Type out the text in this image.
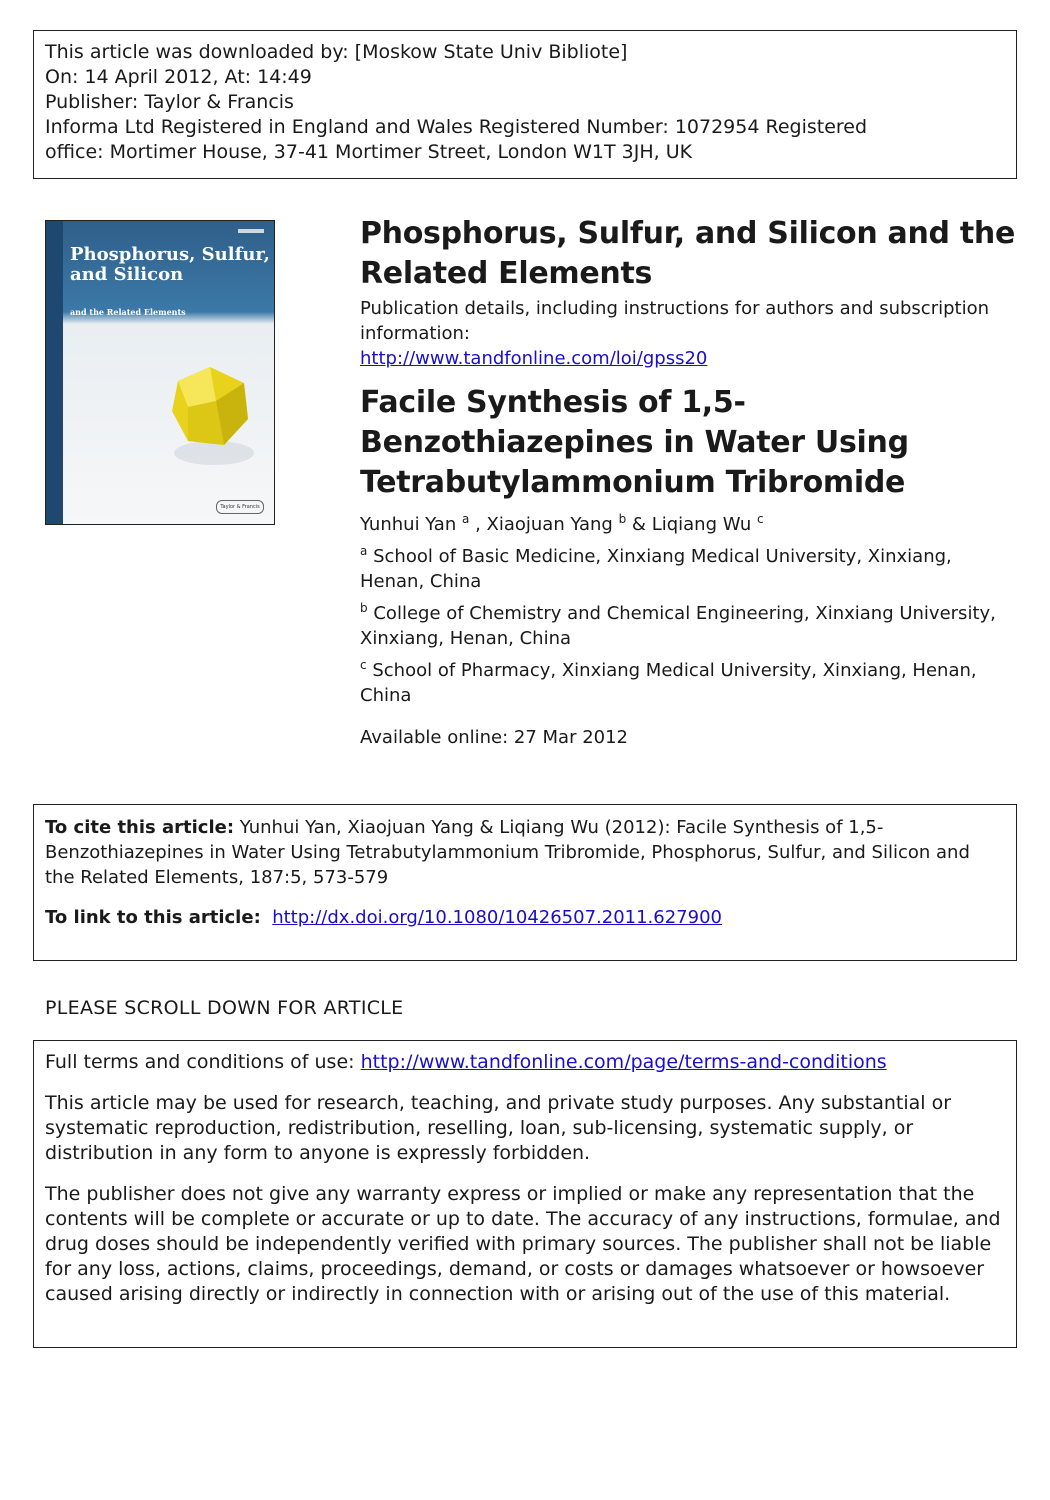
This article was downloaded by: [Moskow State Univ Bibliote]
On: 14 April 2012, At: 14:49
Publisher: Taylor & Francis
Informa Ltd Registered in England and Wales Registered Number: 1072954 Registered
office: Mortimer House, 37-41 Mortimer Street, London W1T 3JH, UK
Phosphorus, Sulfur, and Silicon
and the Related Elements
Taylor & Francis
Phosphorus, Sulfur, and Silicon and the Related Elements
Publication details, including instructions for authors and subscription information:
http://www.tandfonline.com/loi/gpss20
Facile Synthesis of 1,5-Benzothiazepines in Water Using Tetrabutylammonium Tribromide
Yunhui Yan $^a$ , Xiaojuan Yang $^b$ & Liqiang Wu $^c$
$^a$ School of Basic Medicine, Xinxiang Medical University, Xinxiang, Henan, China
$^b$ College of Chemistry and Chemical Engineering, Xinxiang University, Xinxiang, Henan, China
$^c$ School of Pharmacy, Xinxiang Medical University, Xinxiang, Henan, China
Available online: 27 Mar 2012
To cite this article: Yunhui Yan, Xiaojuan Yang & Liqiang Wu (2012): Facile Synthesis of 1,5-Benzothiazepines in Water Using Tetrabutylammonium Tribromide, Phosphorus, Sulfur, and Silicon and the Related Elements, 187:5, 573-579
To link to this article: http://dx.doi.org/10.1080/10426507.2011.627900
PLEASE SCROLL DOWN FOR ARTICLE

Full terms and conditions of use: http://www.tandfonline.com/page/terms-and-conditions

This article may be used for research, teaching, and private study purposes. Any substantial or systematic reproduction, redistribution, reselling, loan, sub-licensing, systematic supply, or distribution in any form to anyone is expressly forbidden.

The publisher does not give any warranty express or implied or make any representation that the contents will be complete or accurate or up to date. The accuracy of any instructions, formulae, and drug doses should be independently verified with primary sources. The publisher shall not be liable for any loss, actions, claims, proceedings, demand, or costs or damages whatsoever or howsoever caused arising directly or indirectly in connection with or arising out of the use of this material.
